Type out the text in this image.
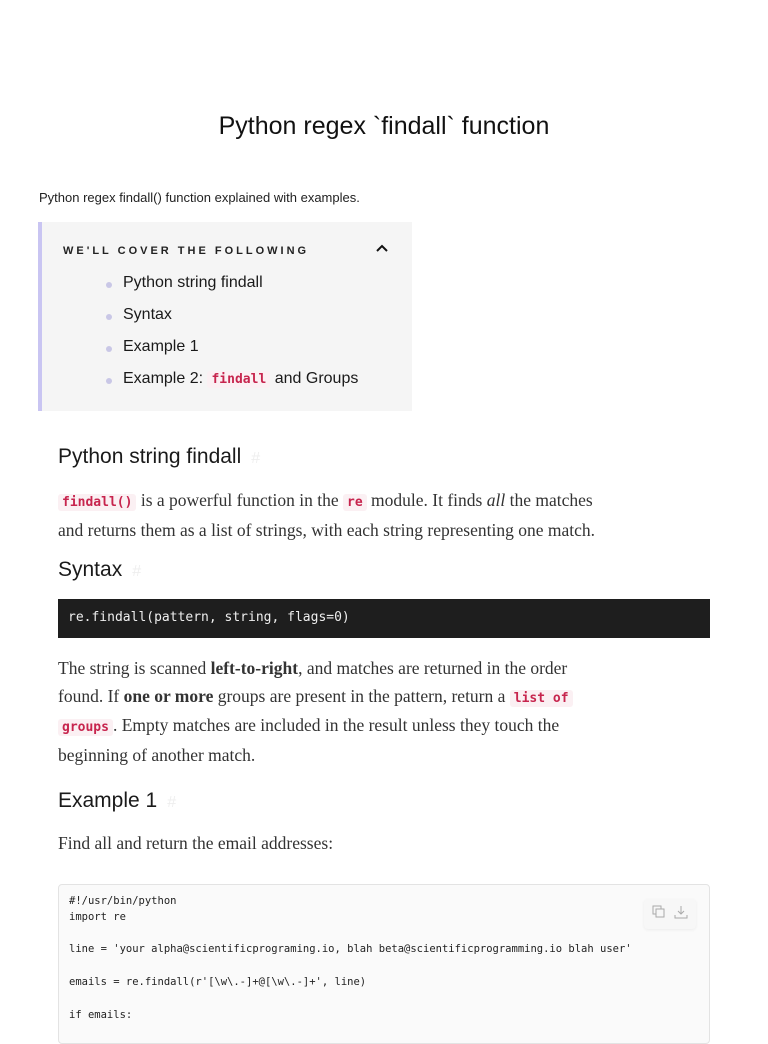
Python regex `findall` function
Python regex findall() function explained with examples.
WE'LL COVER THE FOLLOWING
Python string findall
Syntax
Example 1
Example 2: findall and Groups
Python string findall #
findall() is a powerful function in the re module. It finds all the matches
and returns them as a list of strings, with each string representing one match.
Syntax #
re.findall(pattern, string, flags=0)
The string is scanned left-to-right, and matches are returned in the order
found. If one or more groups are present in the pattern, return a list of
groups . Empty matches are included in the result unless they touch the
beginning of another match.
Example 1 #
Find all and return the email addresses:
#!/usr/bin/python
import re
line = 'your alpha@scientificprograming.io, blah beta@scientificprogramming.io blah user'
emails = re.findall(r'[\w\.-]+@[\w\.-]+', line)
if emails:
